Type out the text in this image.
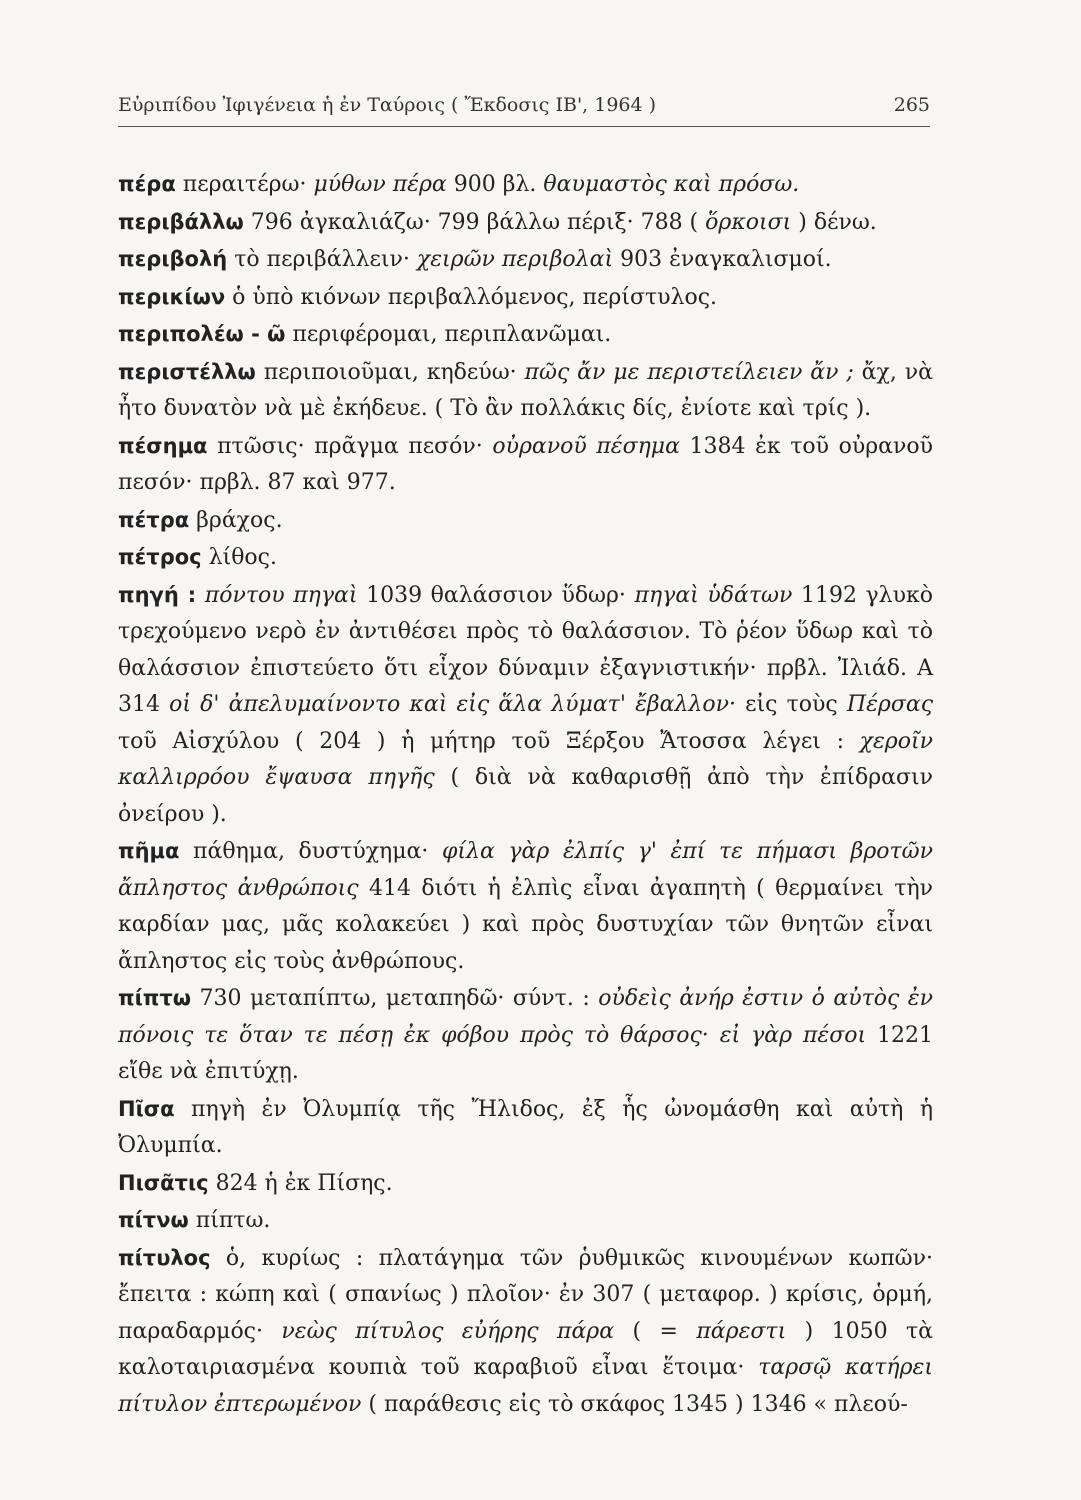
Εὐριπίδου Ἰφιγένεια ἡ ἐν Ταύροις ( Ἔκδοσις ΙΒ', 1964 )	265

πέρα περαιτέρω· μύθων πέρα 900 βλ. θαυμαστὸς καὶ πρόσω.

περιβάλλω 796 ἀγκαλιάζω· 799 βάλλω πέριξ· 788 ( ὅρκοισι ) δένω.

περιβολή τὸ περιβάλλειν· χειρῶν περιβολαὶ 903 ἐναγκαλισμοί.

περικίων ὁ ὑπὸ κιόνων περιβαλλόμενος, περίστυλος.

περιπολέω - ῶ περιφέρομαι, περιπλανῶμαι.

περιστέλλω περιποιοῦμαι, κηδεύω· πῶς ἄν με περιστείλειεν ἄν ; ἄχ, νὰ ἦτο δυνατὸν νὰ μὲ ἐκήδευε. ( Τὸ ἂν πολλάκις δίς, ἐνίοτε καὶ τρίς ).

πέσημα πτῶσις· πρᾶγμα πεσόν· οὐρανοῦ πέσημα 1384 ἐκ τοῦ οὐρανοῦ πεσόν· πρβλ. 87 καὶ 977.

πέτρα βράχος.

πέτρος λίθος.

πηγή : πόντου πηγαὶ 1039 θαλάσσιον ὕδωρ· πηγαὶ ὑδάτων 1192 γλυκὸ τρεχούμενο νερὸ ἐν ἀντιθέσει πρὸς τὸ θαλάσσιον. Τὸ ῥέον ὕδωρ καὶ τὸ θαλάσσιον ἐπιστεύετο ὅτι εἶχον δύναμιν ἐξαγνιστικήν· πρβλ. Ἰλιάδ. Α 314 οἱ δ' ἀπελυμαίνοντο καὶ εἰς ἅλα λύματ' ἔβαλλον· εἰς τοὺς Πέρσας τοῦ Αἰσχύλου ( 204 ) ἡ μήτηρ τοῦ Ξέρξου Ἄτοσσα λέγει : χεροῖν καλλιρρόου ἔψαυσα πηγῆς ( διὰ νὰ καθαρισθῇ ἀπὸ τὴν ἐπίδρασιν ὀνείρου ).

πῆμα πάθημα, δυστύχημα· φίλα γὰρ ἐλπίς γ' ἐπί τε πήμασι βροτῶν ἄπληστος ἀνθρώποις 414 διότι ἡ ἐλπὶς εἶναι ἀγαπητὴ ( θερμαίνει τὴν καρδίαν μας, μᾶς κολακεύει ) καὶ πρὸς δυστυχίαν τῶν θνητῶν εἶναι ἄπληστος εἰς τοὺς ἀνθρώπους.

πίπτω 730 μεταπίπτω, μεταπηδῶ· σύντ. : οὐδεὶς ἀνήρ ἐστιν ὁ αὐτὸς ἐν πόνοις τε ὅταν τε πέσῃ ἐκ φόβου πρὸς τὸ θάρσος· εἰ γὰρ πέσοι 1221 εἴθε νὰ ἐπιτύχῃ.

Πῖσα πηγὴ ἐν Ὀλυμπίᾳ τῆς Ἤλιδος, ἐξ ἧς ὠνομάσθη καὶ αὐτὴ ἡ Ὀλυμπία.

Πισᾶτις 824 ἡ ἐκ Πίσης.

πίτνω πίπτω.

πίτυλος ὁ, κυρίως : πλατάγημα τῶν ῥυθμικῶς κινουμένων κωπῶν· ἔπειτα : κώπη καὶ ( σπανίως ) πλοῖον· ἐν 307 ( μεταφορ. ) κρίσις, ὁρμή, παραδαρμός· νεὼς πίτυλος εὐήρης πάρα ( = πάρεστι ) 1050 τὰ καλοταιριασμένα κουπιὰ τοῦ καραβιοῦ εἶναι ἕτοιμα· ταρσῷ κατήρει πίτυλον ἐπτερωμένον ( παράθεσις εἰς τὸ σκάφος 1345 ) 1346 « πλεού-
